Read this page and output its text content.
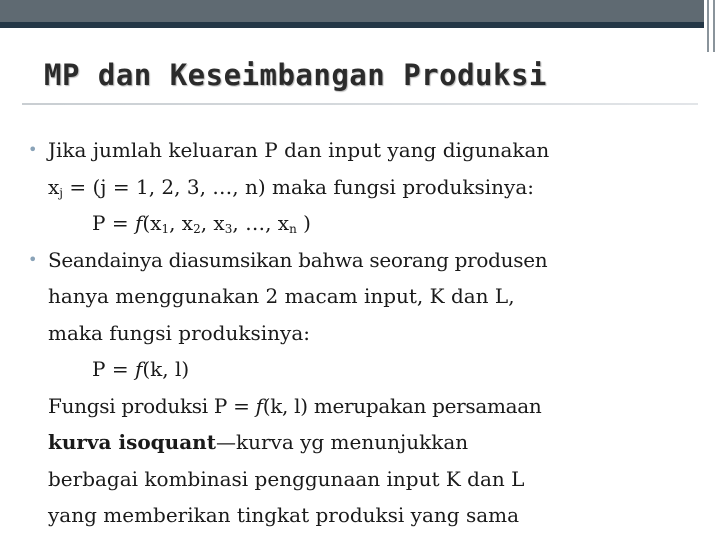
MP dan Keseimbangan Produksi
• Jika jumlah keluaran P dan input yang digunakan
$x_j = (j = 1$, 2, 3, …, n) maka fungsi produksinya:
$P = f(x_1$, $x_2$, $x_3$, …, $x_n$ )
• Seandainya diasumsikan bahwa seorang produsen
hanya menggunakan 2 macam input, K dan L,
maka fungsi produksinya:
P = f(k, l)
Fungsi produksi P = f(k, l) merupakan persamaan
kurva isoquant—kurva yg menunjukkan
berbagai kombinasi penggunaan input K dan L
yang memberikan tingkat produksi yang sama
